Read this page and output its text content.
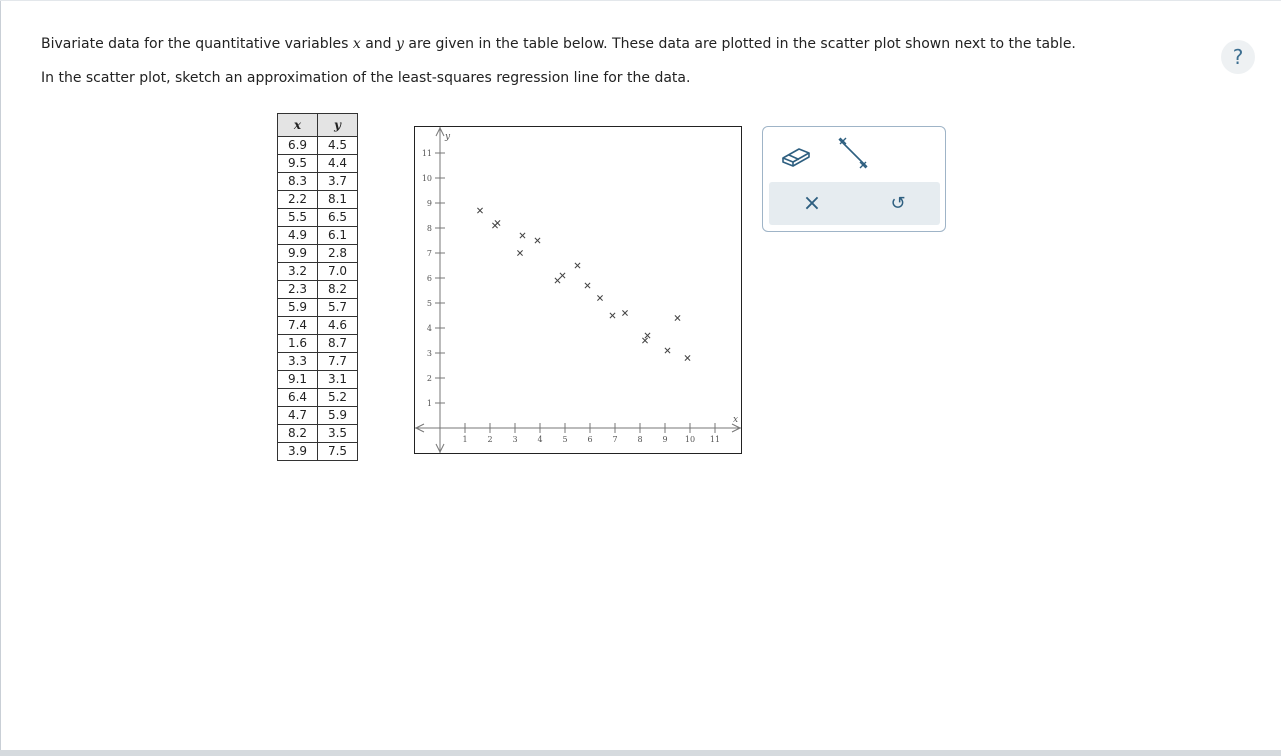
Bivariate data for the quantitative variables x and y are given in the table below. These data are plotted in the scatter plot shown next to the table.
In the scatter plot, sketch an approximation of the least-squares regression line for the data.
?
x	y
6.9	4.5
9.5	4.4
8.3	3.7
2.2	8.1
5.5	6.5
4.9	6.1
9.9	2.8
3.2	7.0
2.3	8.2
5.9	5.7
7.4	4.6
1.6	8.7
3.3	7.7
9.1	3.1
6.4	5.2
4.7	5.9
8.2	3.5
3.9	7.5
1 2 3 4 5 6 7 8 9 10 11
1
2
3
4
5
6
7
8
9
10
11
x
y
×	↺
